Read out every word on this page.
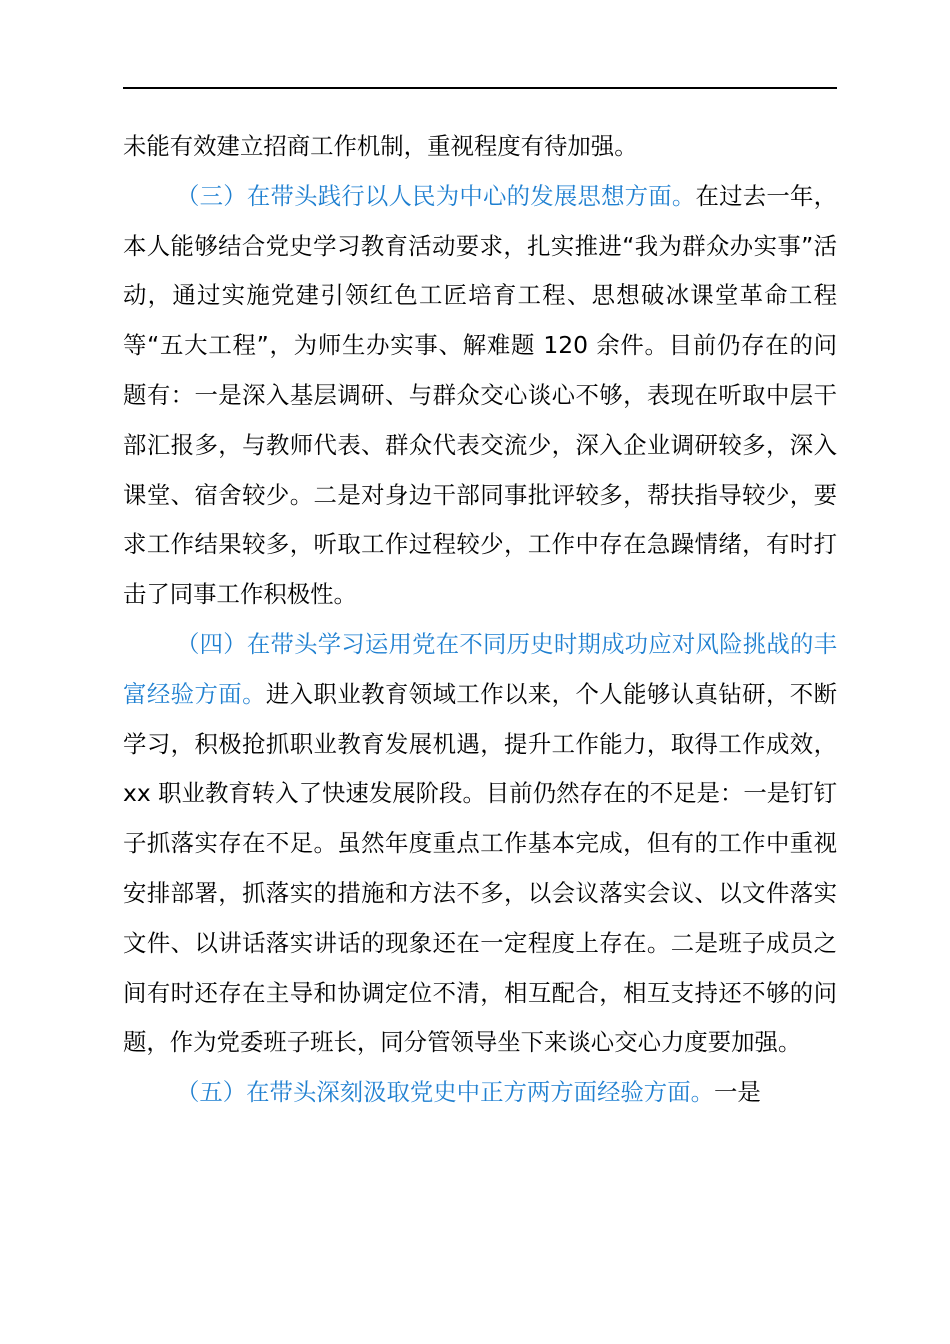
未能有效建立招商工作机制，重视程度有待加强。

（三）在带头践行以人民为中心的发展思想方面。在过去一年，本人能够结合党史学习教育活动要求，扎实推进“我为群众办实事”活动，通过实施党建引领红色工匠培育工程、思想破冰课堂革命工程等“五大工程”，为师生办实事、解难题 120 余件。目前仍存在的问题有：一是深入基层调研、与群众交心谈心不够，表现在听取中层干部汇报多，与教师代表、群众代表交流少，深入企业调研较多，深入课堂、宿舍较少。二是对身边干部同事批评较多，帮扶指导较少，要求工作结果较多，听取工作过程较少，工作中存在急躁情绪，有时打击了同事工作积极性。

（四）在带头学习运用党在不同历史时期成功应对风险挑战的丰富经验方面。进入职业教育领域工作以来，个人能够认真钻研，不断学习，积极抢抓职业教育发展机遇，提升工作能力，取得工作成效，xx 职业教育转入了快速发展阶段。目前仍然存在的不足是：一是钉钉子抓落实存在不足。虽然年度重点工作基本完成，但有的工作中重视安排部署，抓落实的措施和方法不多，以会议落实会议、以文件落实文件、以讲话落实讲话的现象还在一定程度上存在。二是班子成员之间有时还存在主导和协调定位不清，相互配合，相互支持还不够的问题，作为党委班子班长，同分管领导坐下来谈心交心力度要加强。

（五）在带头深刻汲取党史中正方两方面经验方面。一是
